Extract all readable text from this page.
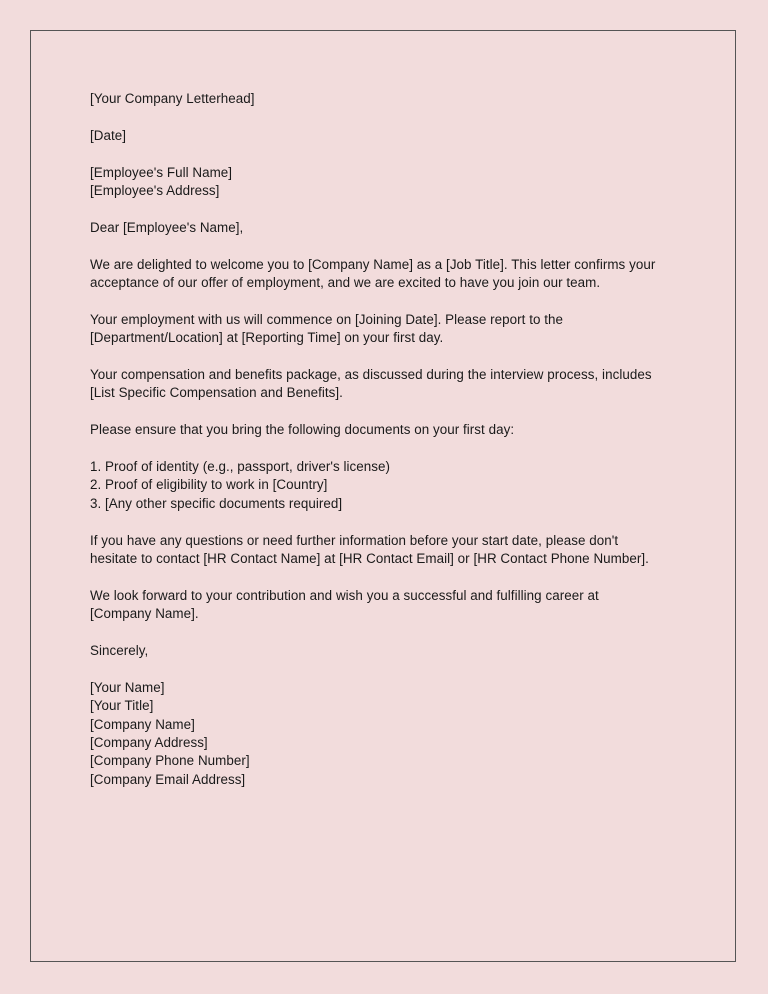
[Your Company Letterhead]

[Date]

[Employee's Full Name]
[Employee's Address]

Dear [Employee's Name],

We are delighted to welcome you to [Company Name] as a [Job Title]. This letter confirms your
acceptance of our offer of employment, and we are excited to have you join our team.

Your employment with us will commence on [Joining Date]. Please report to the
[Department/Location] at [Reporting Time] on your first day.

Your compensation and benefits package, as discussed during the interview process, includes
[List Specific Compensation and Benefits].

Please ensure that you bring the following documents on your first day:

1. Proof of identity (e.g., passport, driver's license)
2. Proof of eligibility to work in [Country]
3. [Any other specific documents required]

If you have any questions or need further information before your start date, please don't
hesitate to contact [HR Contact Name] at [HR Contact Email] or [HR Contact Phone Number].

We look forward to your contribution and wish you a successful and fulfilling career at
[Company Name].

Sincerely,

[Your Name]
[Your Title]
[Company Name]
[Company Address]
[Company Phone Number]
[Company Email Address]
